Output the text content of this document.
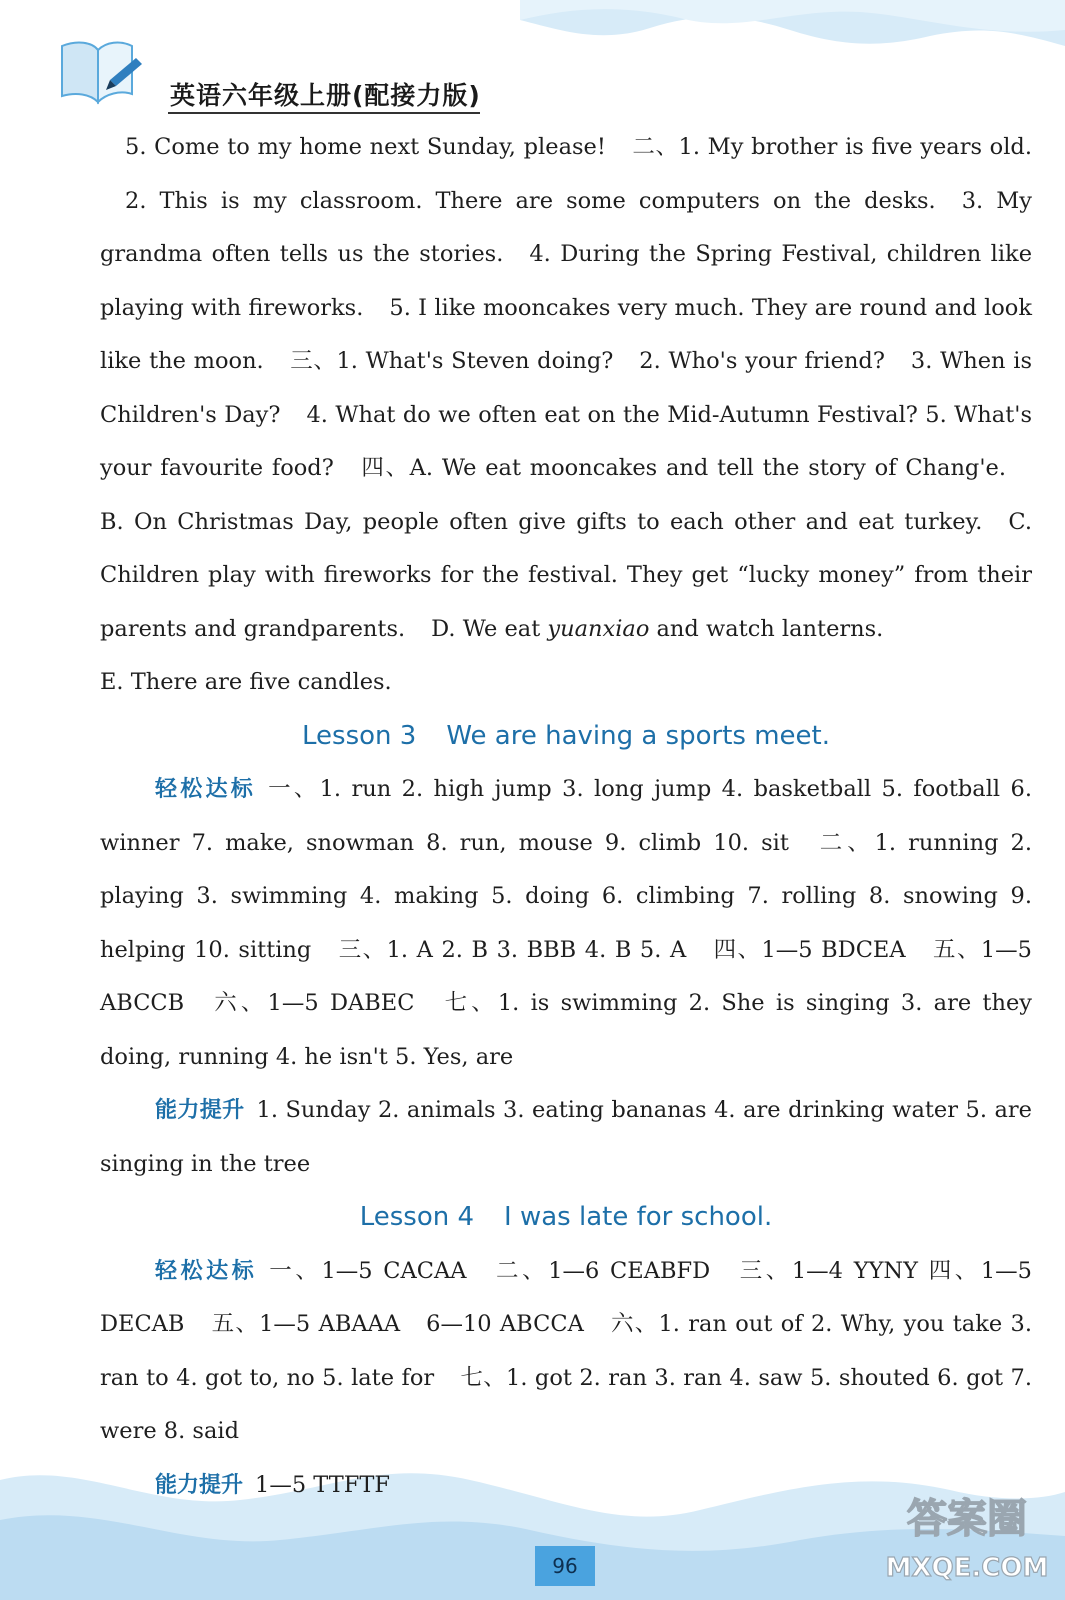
英语六年级上册(配接力版)

5. Come to my home next Sunday, please! 二、1. My brother is five years old. 2. This is my classroom. There are some computers on the desks. 3. My grandma often tells us the stories. 4. During the Spring Festival, children like playing with fireworks. 5. I like mooncakes very much. They are round and look like the moon. 三、1. What's Steven doing? 2. Who's your friend? 3. When is Children's Day? 4. What do we often eat on the Mid-Autumn Festival? 5. What's your favourite food? 四、A. We eat mooncakes and tell the story of Chang'e.B. On Christmas Day, people often give gifts to each other and eat turkey. C. Children play with fireworks for the festival. They get “lucky money” from their parents and grandparents. D. We eat yuanxiao and watch lanterns.
E. There are five candles.

Lesson 3 We are having a sports meet.

轻松达标 一、1. run 2. high jump 3. long jump 4. basketball 5. football 6. winner 7. make, snowman 8. run, mouse 9. climb 10. sit 二、1. running 2. playing 3. swimming 4. making 5. doing 6. climbing 7. rolling 8. snowing 9. helping 10. sitting 三、1. A 2. B 3. BBB 4. B 5. A 四、1—5 BDCEA 五、1—5 ABCCB 六、1—5 DABEC 七、1. is swimming 2. She is singing 3. are they doing, running 4. he isn't 5. Yes, are

能力提升 1. Sunday 2. animals 3. eating bananas 4. are drinking water 5. are singing in the tree

Lesson 4 I was late for school.

轻松达标 一、1—5 CACAA 二、1—6 CEABFD 三、1—4 YYNY 四、1—5 DECAB 五、1—5 ABAAA 6—10 ABCCA 六、1. ran out of 2. Why, you take 3. ran to 4. got to, no 5. late for 七、1. got 2. ran 3. ran 4. saw 5. shouted 6. got 7. were 8. said

能力提升 1—5 TTFTF

96
答案圈
MXQE.COM
